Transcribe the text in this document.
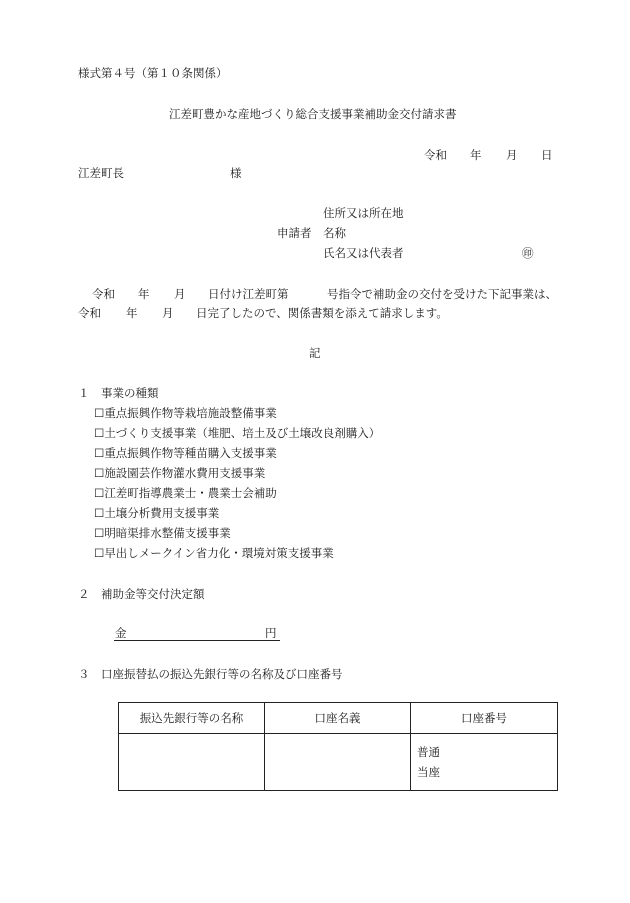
様式第４号（第１０条関係）
江差町豊かな産地づくり総合支援事業補助金交付請求書
令和 年 月 日
江差町長	様
住所又は所在地
申請者 名称
氏名又は代表者	㊞
令和 年 月 日付け江差町第	号指令で補助金の交付を受けた下記事業は、
令和 年 月 日完了したので、関係書類を添えて請求します。
記
１ 事業の種類
☐重点振興作物等栽培施設整備事業
☐土づくり支援事業（堆肥、培土及び土壌改良剤購入）
☐重点振興作物等種苗購入支援事業
☐施設園芸作物灌水費用支援事業
☐江差町指導農業士・農業士会補助
☐土壌分析費用支援事業
☐明暗渠排水整備支援事業
☐早出しメークイン省力化・環境対策支援事業
２ 補助金等交付決定額
金	円
３ 口座振替払の振込先銀行等の名称及び口座番号
振込先銀行等の名称	口座名義	口座番号

		普通
当座
